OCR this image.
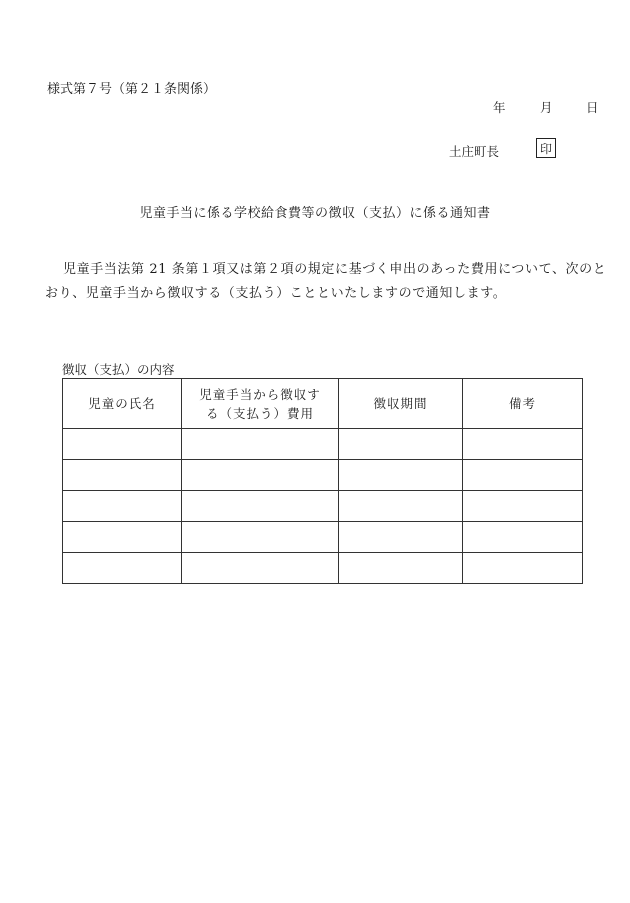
様式第７号（第２１条関係）
年	月	日
土庄町長	印
児童手当に係る学校給食費等の徴収（支払）に係る通知書
児童手当法第 21 条第１項又は第２項の規定に基づく申出のあった費用について、次のとおり、児童手当から徴収する（支払う）ことといたしますので通知します。
徴収（支払）の内容
児童の氏名	児童手当から徴収する（支払う）費用	徴収期間	備考
